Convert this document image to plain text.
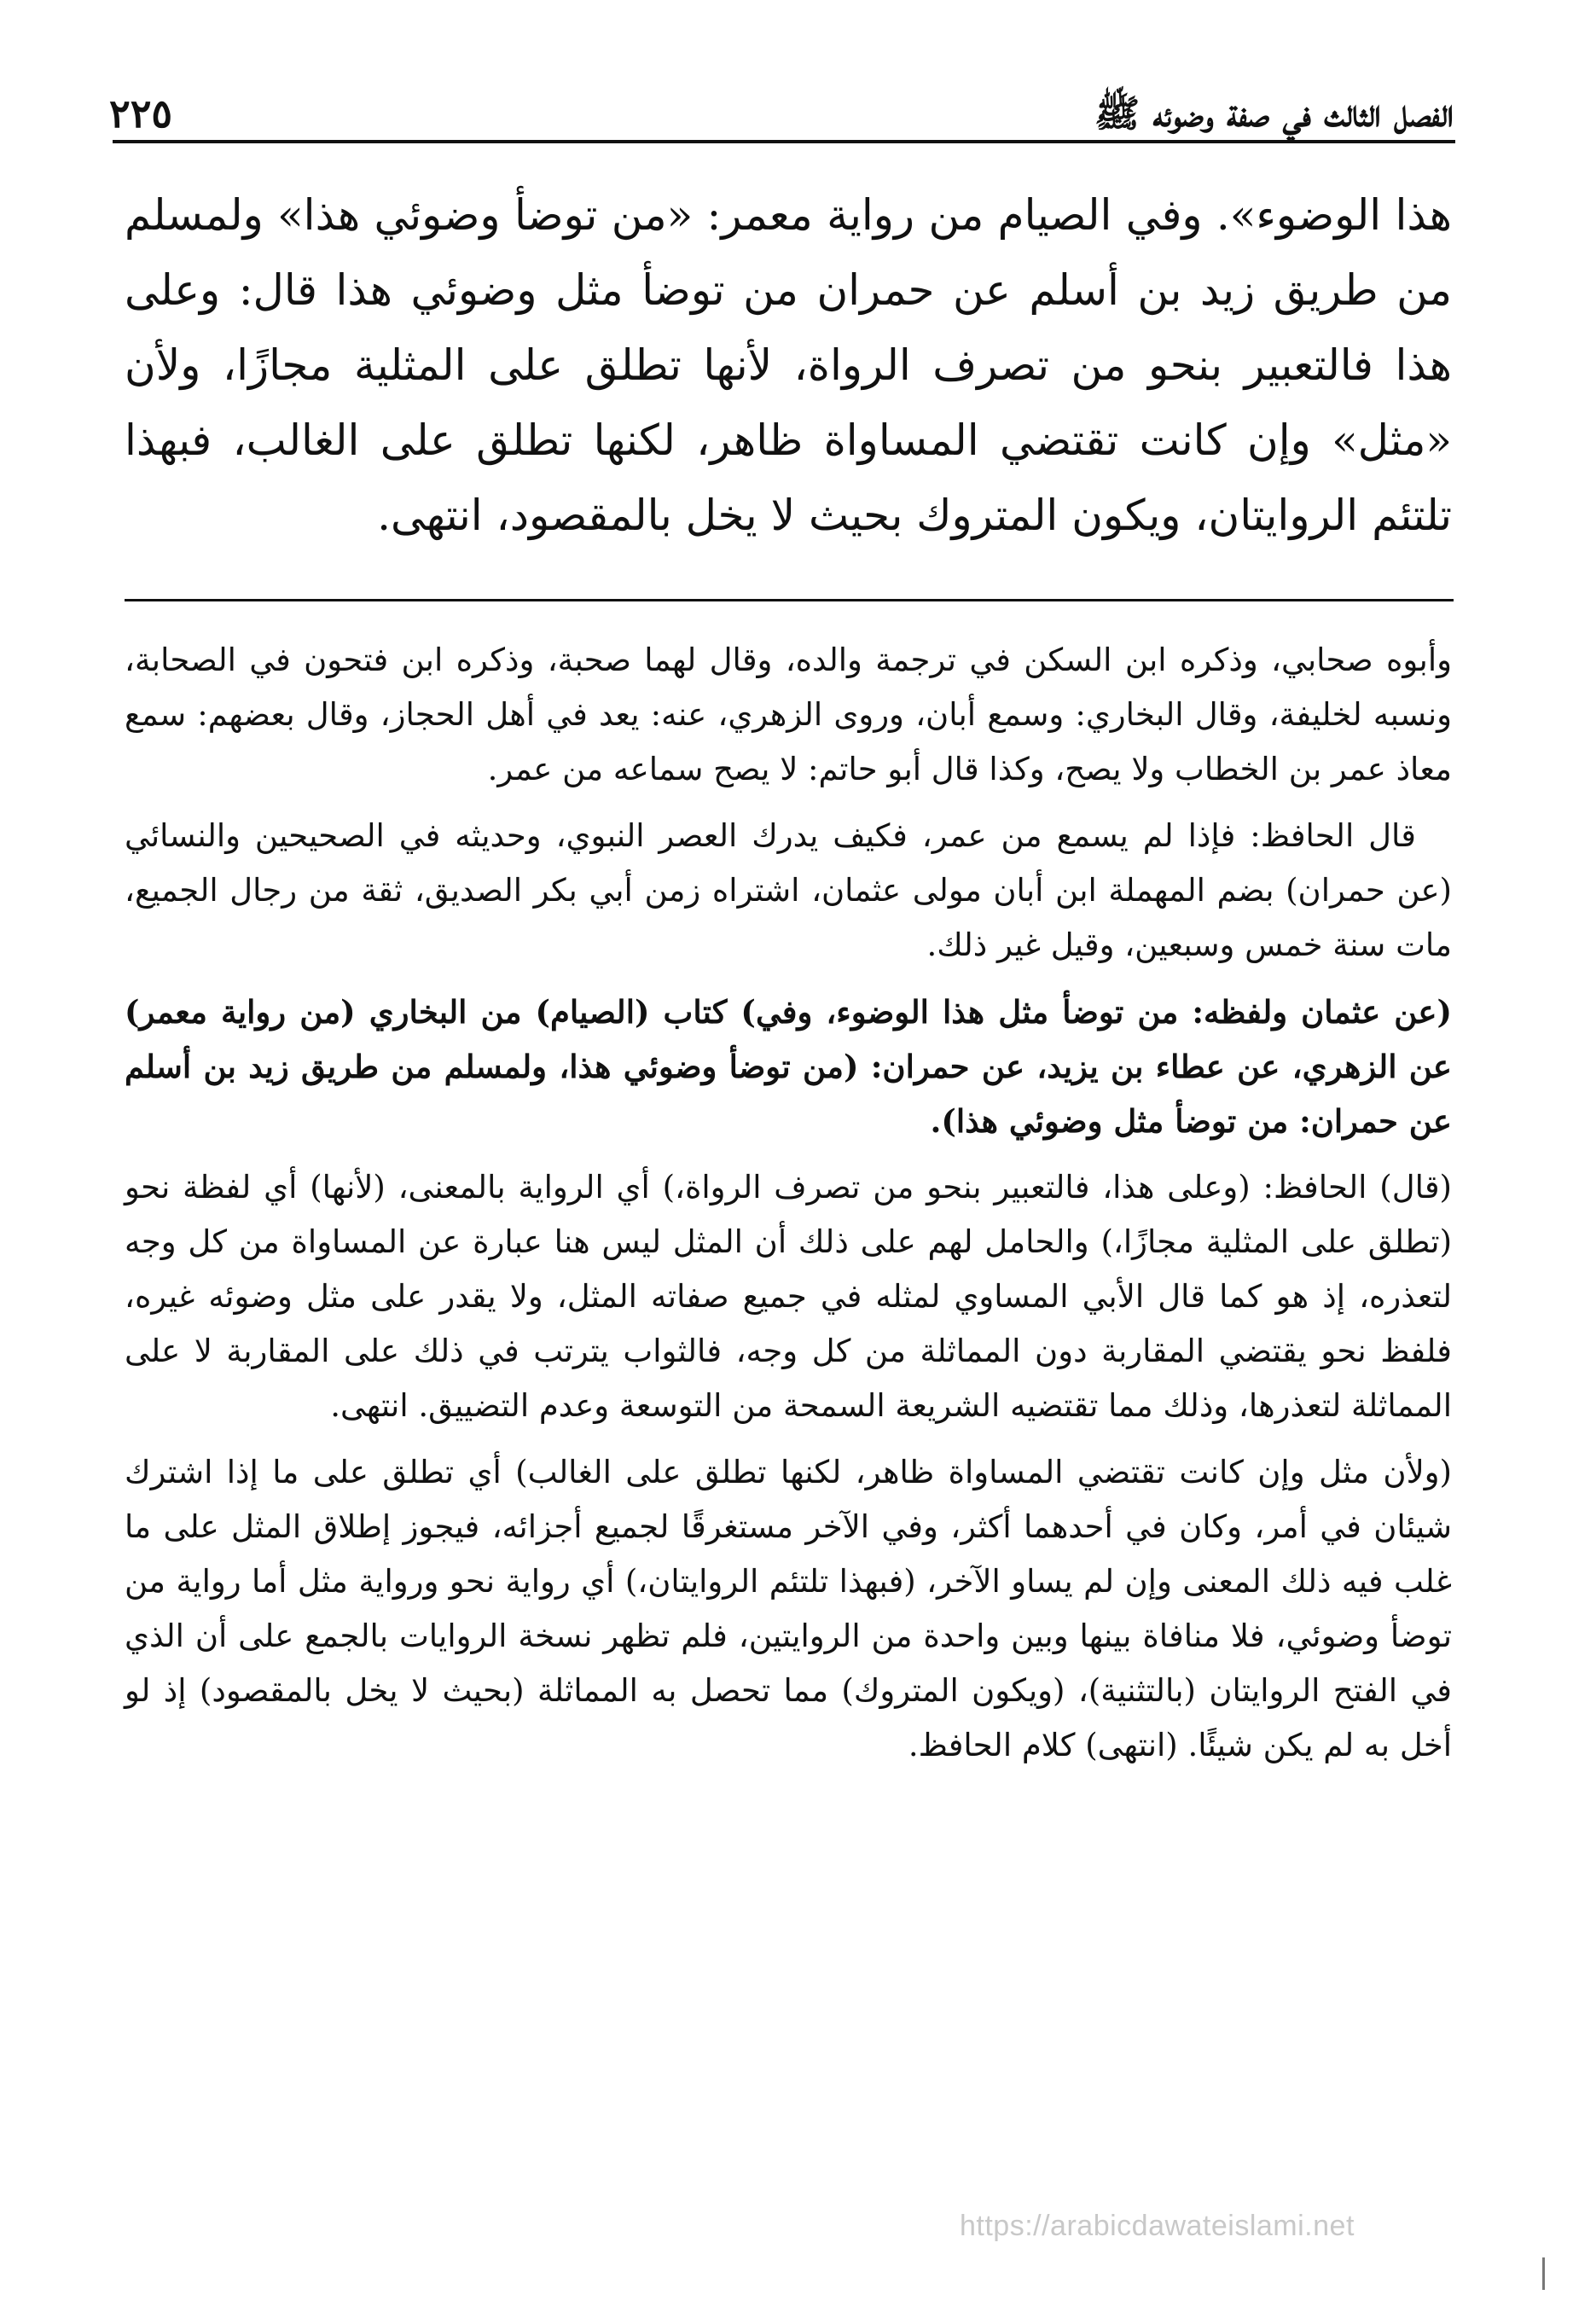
الفصل الثالث في صفة وضوئه ﷺ
٢٢٥

هذا الوضوء». وفي الصيام من رواية معمر: «من توضأ وضوئي هذا» ولمسلم من طريق زيد بن أسلم عن حمران من توضأ مثل وضوئي هذا قال: وعلى هذا فالتعبير بنحو من تصرف الرواة، لأنها تطلق على المثلية مجازًا، ولأن «مثل» وإن كانت تقتضي المساواة ظاهر، لكنها تطلق على الغالب، فبهذا تلتئم الروايتان، ويكون المتروك بحيث لا يخل بالمقصود، انتهى.

وأبوه صحابي، وذكره ابن السكن في ترجمة والده، وقال لهما صحبة، وذكره ابن فتحون في الصحابة، ونسبه لخليفة، وقال البخاري: وسمع أبان، وروى الزهري، عنه: يعد في أهل الحجاز، وقال بعضهم: سمع معاذ عمر بن الخطاب ولا يصح، وكذا قال أبو حاتم: لا يصح سماعه من عمر.

قال الحافظ: فإذا لم يسمع من عمر، فكيف يدرك العصر النبوي، وحديثه في الصحيحين والنسائي (عن حمران) بضم المهملة ابن أبان مولى عثمان، اشتراه زمن أبي بكر الصديق، ثقة من رجال الجميع، مات سنة خمس وسبعين، وقيل غير ذلك.

(عن عثمان ولفظه: من توضأ مثل هذا الوضوء، وفي) كتاب (الصيام) من البخاري (من رواية معمر) عن الزهري، عن عطاء بن يزيد، عن حمران: (من توضأ وضوئي هذا، ولمسلم من طريق زيد بن أسلم عن حمران: من توضأ مثل وضوئي هذا).

(قال) الحافظ: (وعلى هذا، فالتعبير بنحو من تصرف الرواة،) أي الرواية بالمعنى، (لأنها) أي لفظة نحو (تطلق على المثلية مجازًا،) والحامل لهم على ذلك أن المثل ليس هنا عبارة عن المساواة من كل وجه لتعذره، إذ هو كما قال الأبي المساوي لمثله في جميع صفاته المثل، ولا يقدر على مثل وضوئه غيره، فلفظ نحو يقتضي المقاربة دون المماثلة من كل وجه، فالثواب يترتب في ذلك على المقاربة لا على المماثلة لتعذرها، وذلك مما تقتضيه الشريعة السمحة من التوسعة وعدم التضييق. انتهى.

(ولأن مثل وإن كانت تقتضي المساواة ظاهر، لكنها تطلق على الغالب) أي تطلق على ما إذا اشترك شيئان في أمر، وكان في أحدهما أكثر، وفي الآخر مستغرقًا لجميع أجزائه، فيجوز إطلاق المثل على ما غلب فيه ذلك المعنى وإن لم يساو الآخر، (فبهذا تلتئم الروايتان،) أي رواية نحو ورواية مثل أما رواية من توضأ وضوئي، فلا منافاة بينها وبين واحدة من الروايتين، فلم تظهر نسخة الروايات بالجمع على أن الذي في الفتح الروايتان (بالتثنية)، (ويكون المتروك) مما تحصل به المماثلة (بحيث لا يخل بالمقصود) إذ لو أخل به لم يكن شيئًا. (انتهى) كلام الحافظ.

https://arabicdawateislami.net
